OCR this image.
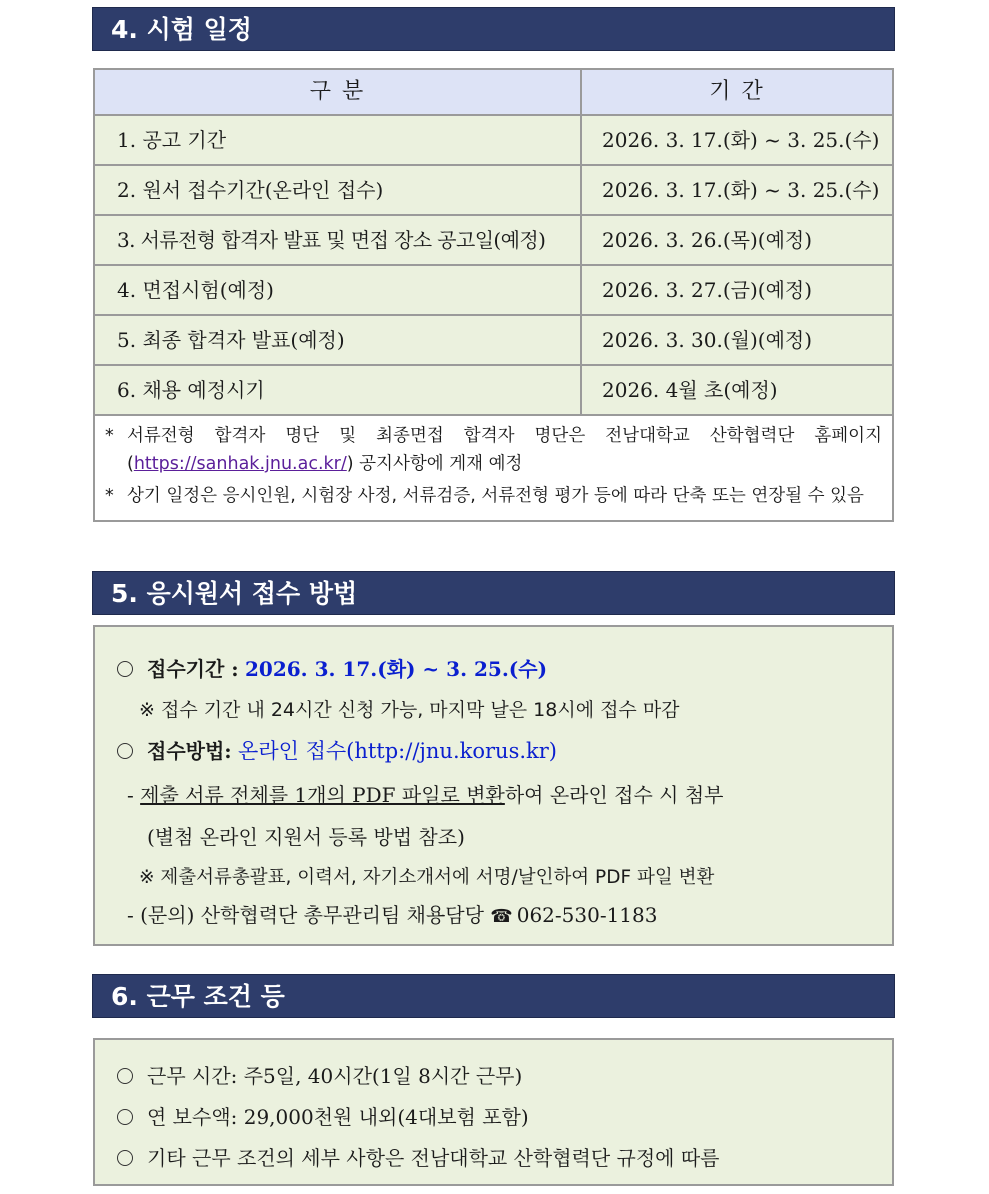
4. 시험 일정
구 분	기 간
1. 공고 기간	2026. 3. 17.(화) ~ 3. 25.(수)
2. 원서 접수기간(온라인 접수)	2026. 3. 17.(화) ~ 3. 25.(수)
3. 서류전형 합격자 발표 및 면접 장소 공고일(예정)	2026. 3. 26.(목)(예정)
4. 면접시험(예정)	2026. 3. 27.(금)(예정)
5. 최종 합격자 발표(예정)	2026. 3. 30.(월)(예정)
6. 채용 예정시기	2026. 4월 초(예정)
* 서류전형 합격자 명단 및 최종면접 합격자 명단은 전남대학교 산학협력단 홈페이지 (https://sanhak.jnu.ac.kr/) 공지사항에 게재 예정
* 상기 일정은 응시인원, 시험장 사정, 서류검증, 서류전형 평가 등에 따라 단축 또는 연장될 수 있음
5. 응시원서 접수 방법
접수기간 : 2026. 3. 17.(화) ~ 3. 25.(수)
※ 접수 기간 내 24시간 신청 가능, 마지막 날은 18시에 접수 마감
접수방법: 온라인 접수(http://jnu.korus.kr)
- 제출 서류 전체를 1개의 PDF 파일로 변환하여 온라인 접수 시 첨부
(별첨 온라인 지원서 등록 방법 참조)
※ 제출서류총괄표, 이력서, 자기소개서에 서명/날인하여 PDF 파일 변환
- (문의) 산학협력단 총무관리팀 채용담당 ☎ 062-530-1183
6. 근무 조건 등
근무 시간: 주5일, 40시간(1일 8시간 근무)
연 보수액: 29,000천원 내외(4대보험 포함)
기타 근무 조건의 세부 사항은 전남대학교 산학협력단 규정에 따름
